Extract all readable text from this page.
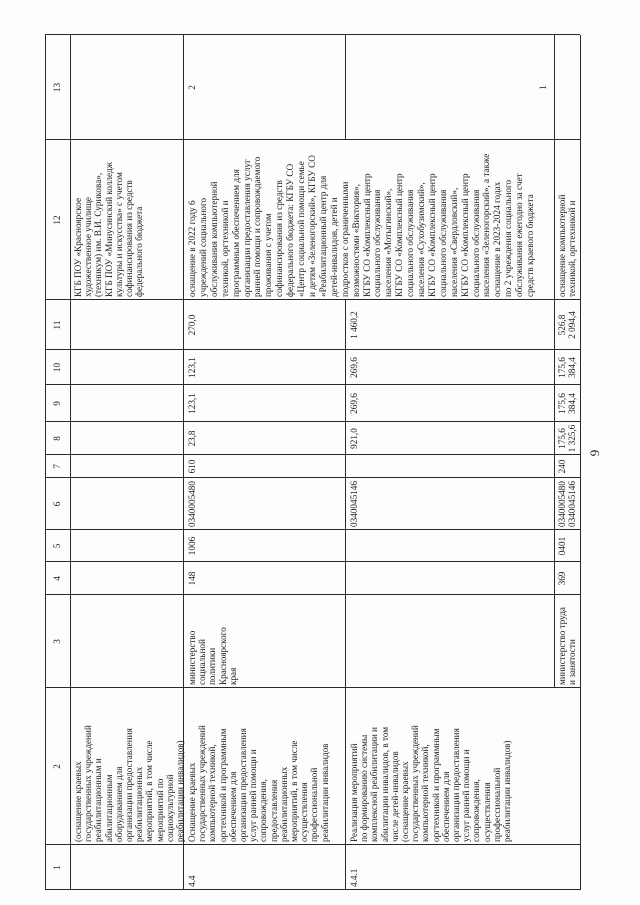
1
2
3
4
5
6
7
8
9
10
11
12
13
(оснащение краевых
государственных учреждений
реабилитационным и
абилитационным
оборудованием для
организации предоставления
реабилитационных
мероприятий, в том числе
мероприятий по
социокультурной
реабилитации инвалидов)
КГБ ПОУ «Красноярское
художественное училище
(техникум) им. В.И. Сурикова»,
КГБ ПОУ «Минусинский колледж
культуры и искусства» с учетом
софинансирования из средств
федерального бюджета
4.4
Оснащение краевых
государственных учреждений
компьютерной техникой,
оргтехникой и программным
обеспечением для
организации предоставления
услуг ранней помощи и
сопровождения,
предоставления
реабилитационных
мероприятий, в том числе
осуществления
профессиональной
реабилитации инвалидов
министерство
социальной
политики
Красноярского
края
148
1006
0340005480
610
23,8
123,1
123,1
270,0
оснащение в 2022 году 6
учреждений социального
обслуживания компьютерной
техникой, оргтехникой и
программным обеспечением для
организации предоставления услуг
ранней помощи и сопровождаемого
проживания с учетом
софинансирования из средств
федерального бюджета: КГБУ СО
«Центр социальной помощи семье
и детям «Зеленогорский», КГБУ СО
«Реабилитационный центр для
детей-инвалидов, детей и
подростков с ограниченными
возможностями «Виктория»,
КГБУ СО «Комплексный центр
социального обслуживания
населения «Мотыгинский»,
КГБУ СО «Комплексный центр
социального обслуживания
населения «Сухобузимский»,
КГБУ СО «Комплексный центр
социального обслуживания
населения «Свердловский»,
КГБУ СО «Комплексный центр
социального обслуживания
населения «Зеленогорский», а также
оснащение в 2023-2024 годах
по 2 учреждения социального
обслуживания ежегодно за счет
средств краевого бюджета
2
4.4.1
Реализация мероприятий
по формированию системы
комплексной реабилитации и
абилитации инвалидов, в том
числе детей-инвалидов
(оснащение краевых
государственных учреждений
компьютерной техникой,
оргтехникой и программным
обеспечением для
организации предоставления
услуг ранней помощи и
сопровождения,
осуществления
профессиональной
реабилитации инвалидов)
0340045146
921,0
269,6
269,6
1 460,2
1
министерство труда
и занятости
369
0401
0340005480
0340045146
240
175,6
1 325,6
175,6
384,4
175,6
384,4
526,8
2 094,4
оснащение компьютерной
техникой, оргтехникой и
9
